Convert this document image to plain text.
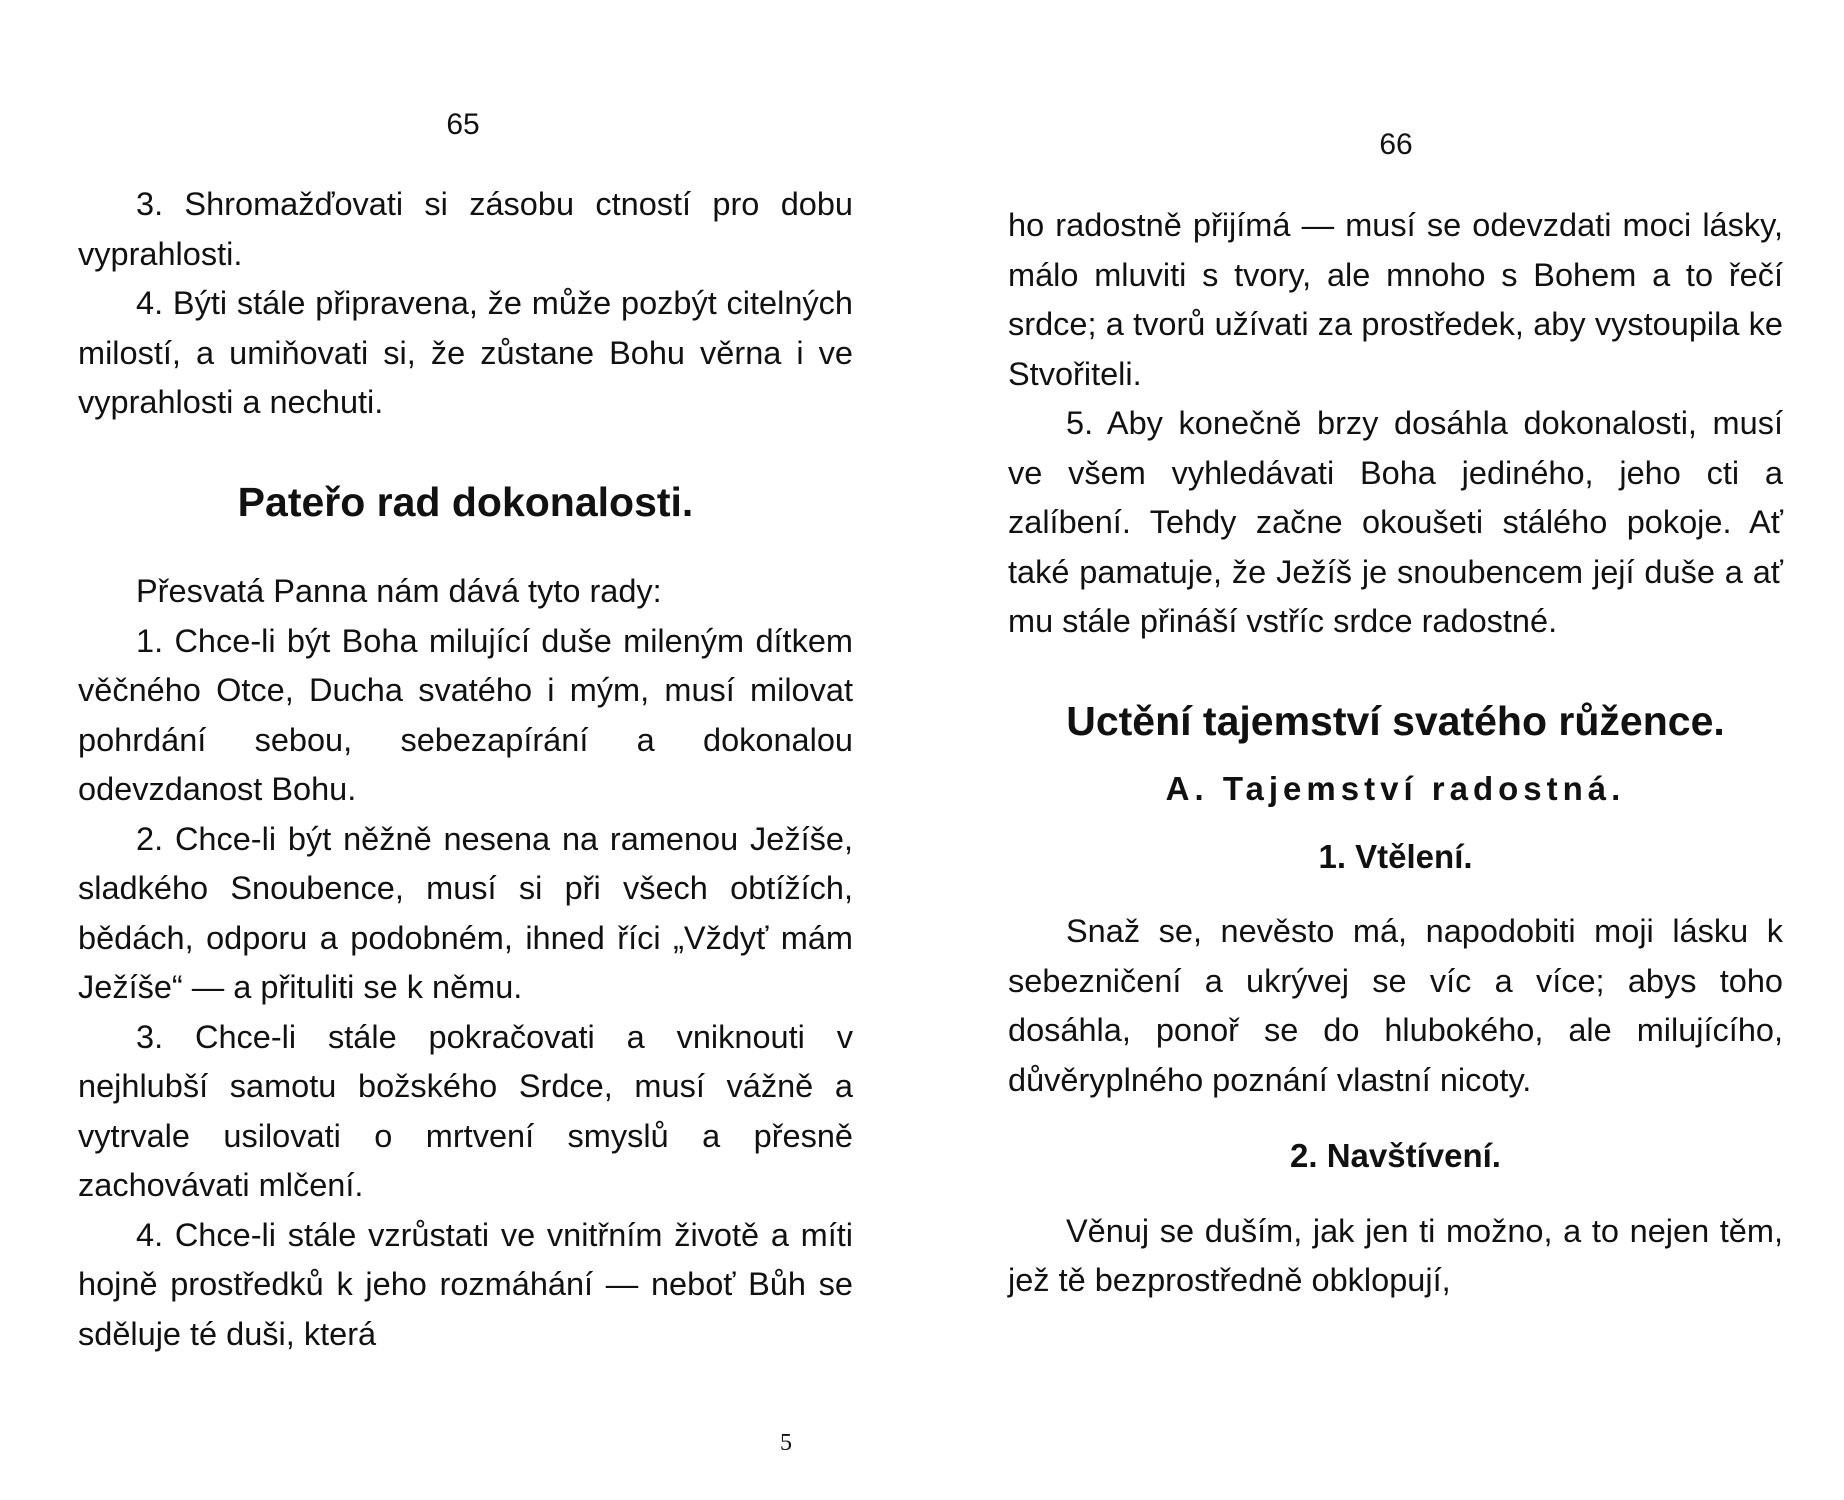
65

3. Shromažďovati si zásobu ctností pro dobu vyprahlosti.

4. Býti stále připravena, že může pozbýt citelných milostí, a umiňovati si, že zůstane Bohu věrna i ve vyprahlosti a nechuti.

Pateřo rad dokonalosti.

Přesvatá Panna nám dává tyto rady:

1. Chce-li být Boha milující duše mileným dítkem věčného Otce, Ducha svatého i mým, musí milovat pohrdání sebou, sebezapírání a dokonalou odevzdanost Bohu.

2. Chce-li být něžně nesena na ramenou Ježíše, sladkého Snoubence, musí si při všech obtížích, bědách, odporu a podobném, ihned říci „Vždyť mám Ježíše“ — a přituliti se k němu.

3. Chce-li stále pokračovati a vniknouti v nejhlubší samotu božského Srdce, musí vážně a vytrvale usilovati o mrtvení smyslů a přesně zachovávati mlčení.

4. Chce-li stále vzrůstati ve vnitřním životě a míti hojně prostředků k jeho rozmáhání — neboť Bůh se sděluje té duši, která

5
66

ho radostně přijímá — musí se odevzdati moci lásky, málo mluviti s tvory, ale mnoho s Bohem a to řečí srdce; a tvorů užívati za prostředek, aby vystoupila ke Stvořiteli.

5. Aby konečně brzy dosáhla dokonalosti, musí ve všem vyhledávati Boha jediného, jeho cti a zalíbení. Tehdy začne okoušeti stálého pokoje. Ať také pamatuje, že Ježíš je snoubencem její duše a ať mu stále přináší vstříc srdce radostné.

Uctění tajemství svatého růžence.
A. Tajemství radostná.
1. Vtělení.

Snaž se, nevěsto má, napodobiti moji lásku k sebezničení a ukrývej se víc a více; abys toho dosáhla, ponoř se do hlubokého, ale milujícího, důvěryplného poznání vlastní nicoty.

2. Navštívení.

Věnuj se duším, jak jen ti možno, a to nejen těm, jež tě bezprostředně obklopují,
